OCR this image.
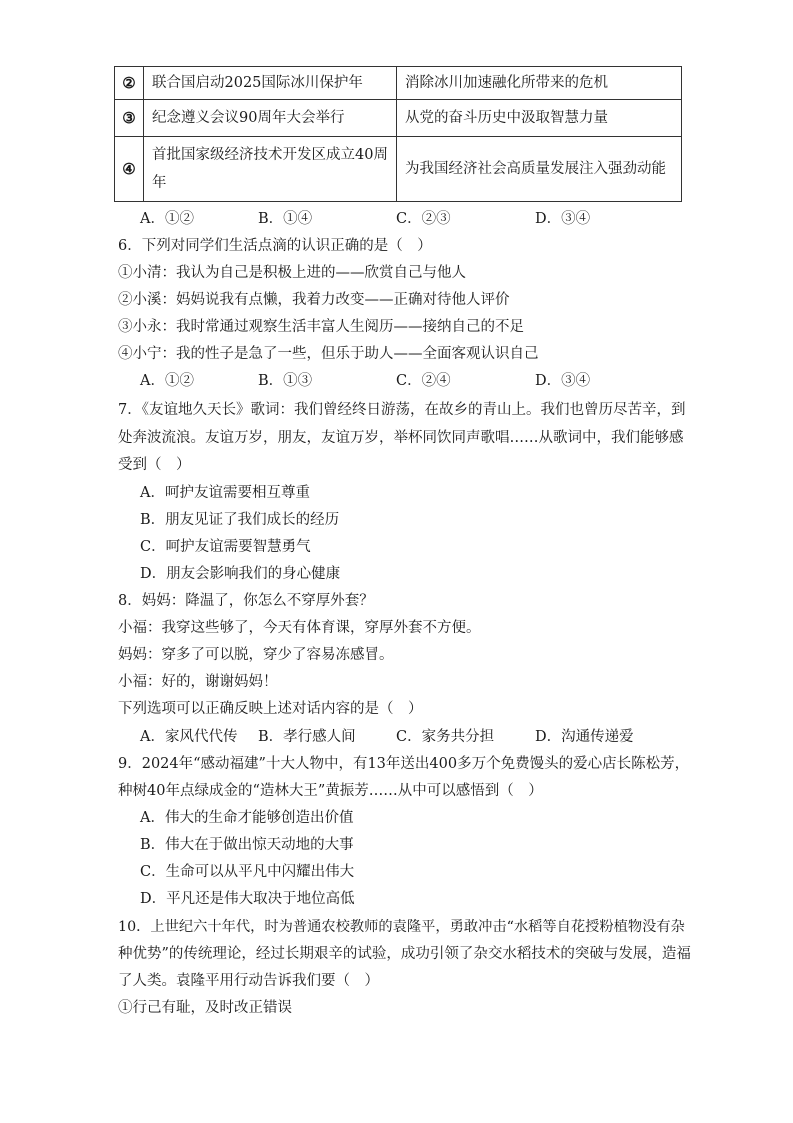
②	联合国启动2025国际冰川保护年	消除冰川加速融化所带来的危机
③	纪念遵义会议90周年大会举行	从党的奋斗历史中汲取智慧力量
④	首批国家级经济技术开发区成立40周年	为我国经济社会高质量发展注入强劲动能
A．①②	B．①④	C．②③	D．③④
6．下列对同学们生活点滴的认识正确的是（　）
①小清：我认为自己是积极上进的——欣赏自己与他人
②小溪：妈妈说我有点懒，我着力改变——正确对待他人评价
③小永：我时常通过观察生活丰富人生阅历——接纳自己的不足
④小宁：我的性子是急了一些，但乐于助人——全面客观认识自己
A．①②	B．①③	C．②④	D．③④
7．《友谊地久天长》歌词：我们曾经终日游荡，在故乡的青山上。我们也曾历尽苦辛，到
处奔波流浪。友谊万岁，朋友，友谊万岁，举杯同饮同声歌唱……从歌词中，我们能够感
受到（　）
A．呵护友谊需要相互尊重
B．朋友见证了我们成长的经历
C．呵护友谊需要智慧勇气
D．朋友会影响我们的身心健康
8．妈妈：降温了，你怎么不穿厚外套？
小福：我穿这些够了，今天有体育课，穿厚外套不方便。
妈妈：穿多了可以脱，穿少了容易冻感冒。
小福：好的，谢谢妈妈！
下列选项可以正确反映上述对话内容的是（　）
A．家风代代传 B．孝行感人间	C．家务共分担	D．沟通传递爱
9．2024年“感动福建”十大人物中，有13年送出400多万个免费馒头的爱心店长陈松芳，
种树40年点绿成金的“造林大王”黄振芳……从中可以感悟到（　）
A．伟大的生命才能够创造出价值
B．伟大在于做出惊天动地的大事
C．生命可以从平凡中闪耀出伟大
D．平凡还是伟大取决于地位高低
10．上世纪六十年代，时为普通农校教师的袁隆平，勇敢冲击“水稻等自花授粉植物没有杂
种优势”的传统理论，经过长期艰辛的试验，成功引领了杂交水稻技术的突破与发展，造福
了人类。袁隆平用行动告诉我们要（　）
①行己有耻，及时改正错误
